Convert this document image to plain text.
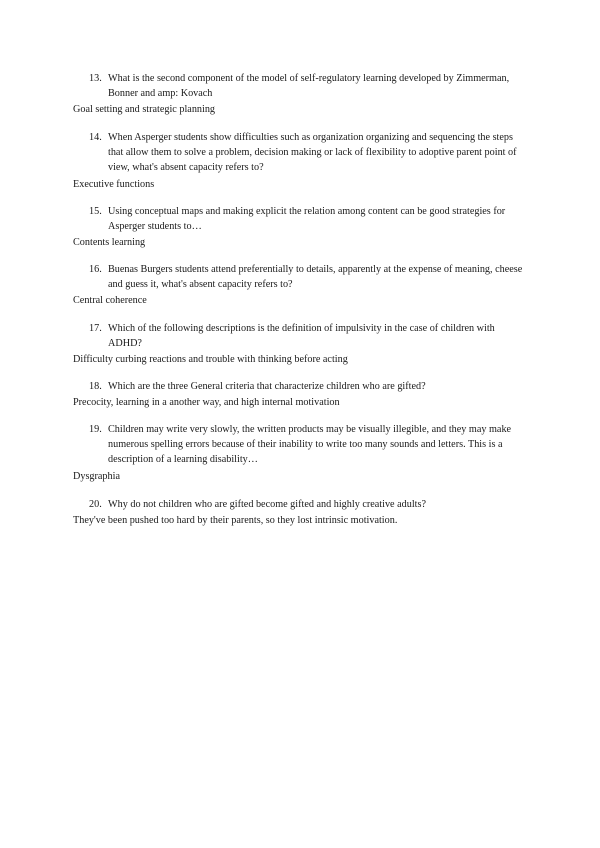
13. What is the second component of the model of self-regulatory learning developed by Zimmerman, Bonner and amp: Kovach
Goal setting and strategic planning
14. When Asperger students show difficulties such as organization organizing and sequencing the steps that allow them to solve a problem, decision making or lack of flexibility to adoptive parent point of view, what's absent capacity refers to?
Executive functions
15. Using conceptual maps and making explicit the relation among content can be good strategies for Asperger students to…
Contents learning
16. Buenas Burgers students attend preferentially to details, apparently at the expense of meaning, cheese and guess it, what's absent capacity refers to?
Central coherence
17. Which of the following descriptions is the definition of impulsivity in the case of children with ADHD?
Difficulty curbing reactions and trouble with thinking before acting
18. Which are the three General criteria that characterize children who are gifted?
Precocity, learning in a another way, and high internal motivation
19. Children may write very slowly, the written products may be visually illegible, and they may make numerous spelling errors because of their inability to write too many sounds and letters. This is a description of a learning disability…
Dysgraphia
20. Why do not children who are gifted become gifted and highly creative adults?
They've been pushed too hard by their parents, so they lost intrinsic motivation.
